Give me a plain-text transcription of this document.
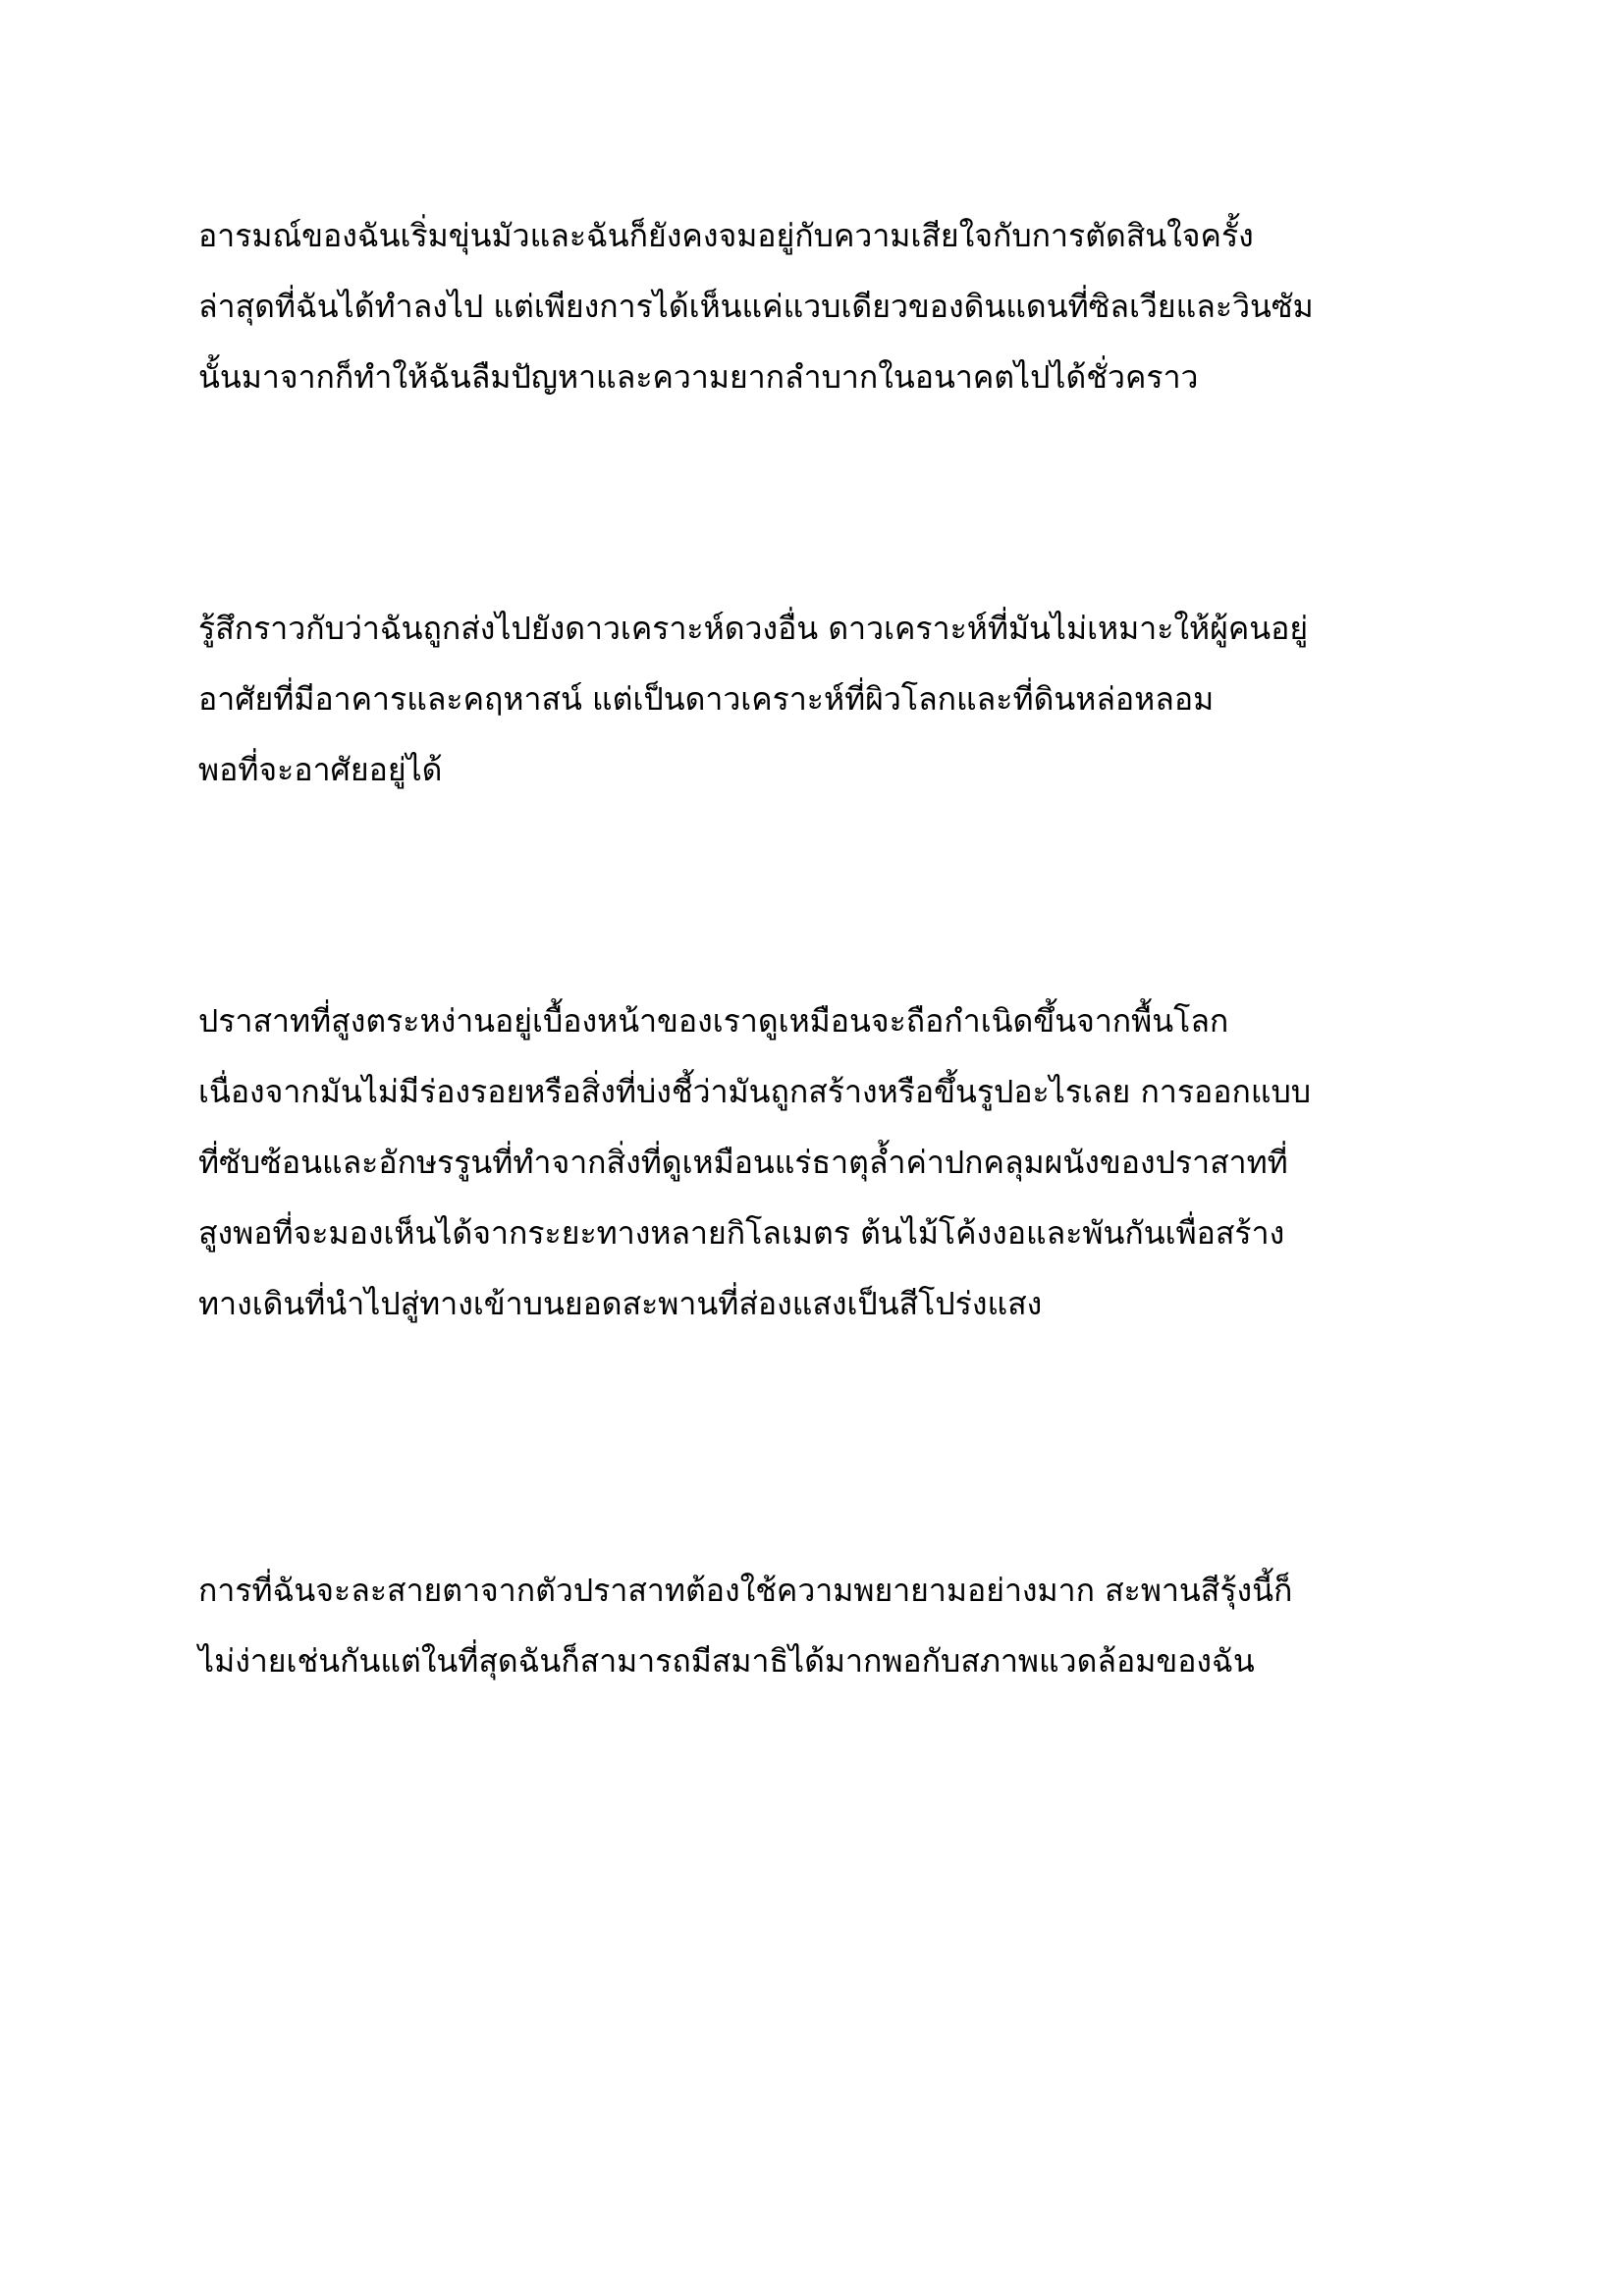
อารมณ์ของฉันเริ่มขุ่นมัวและฉันก็ยังคงจมอยู่กับความเสียใจกับการตัดสินใจครั้ง
ล่าสุดที่ฉันได้ทำลงไป แต่เพียงการได้เห็นแค่แวบเดียวของดินแดนที่ซิลเวียและวินซัม
นั้นมาจากก็ทำให้ฉันลืมปัญหาและความยากลำบากในอนาคตไปได้ชั่วคราว

รู้สึกราวกับว่าฉันถูกส่งไปยังดาวเคราะห์ดวงอื่น ดาวเคราะห์ที่มันไม่เหมาะให้ผู้คนอยู่
อาศัยที่มีอาคารและคฤหาสน์ แต่เป็นดาวเคราะห์ที่ผิวโลกและที่ดินหล่อหลอม
พอที่จะอาศัยอยู่ได้

ปราสาทที่สูงตระหง่านอยู่เบื้องหน้าของเราดูเหมือนจะถือกำเนิดขึ้นจากพื้นโลก
เนื่องจากมันไม่มีร่องรอยหรือสิ่งที่บ่งชี้ว่ามันถูกสร้างหรือขึ้นรูปอะไรเลย การออกแบบ
ที่ซับซ้อนและอักษรรูนที่ทำจากสิ่งที่ดูเหมือนแร่ธาตุล้ำค่าปกคลุมผนังของปราสาทที่
สูงพอที่จะมองเห็นได้จากระยะทางหลายกิโลเมตร ต้นไม้โค้งงอและพันกันเพื่อสร้าง
ทางเดินที่นำไปสู่ทางเข้าบนยอดสะพานที่ส่องแสงเป็นสีโปร่งแสง

การที่ฉันจะละสายตาจากตัวปราสาทต้องใช้ความพยายามอย่างมาก สะพานสีรุ้งนี้ก็
ไม่ง่ายเช่นกันแต่ในที่สุดฉันก็สามารถมีสมาธิได้มากพอกับสภาพแวดล้อมของฉัน
